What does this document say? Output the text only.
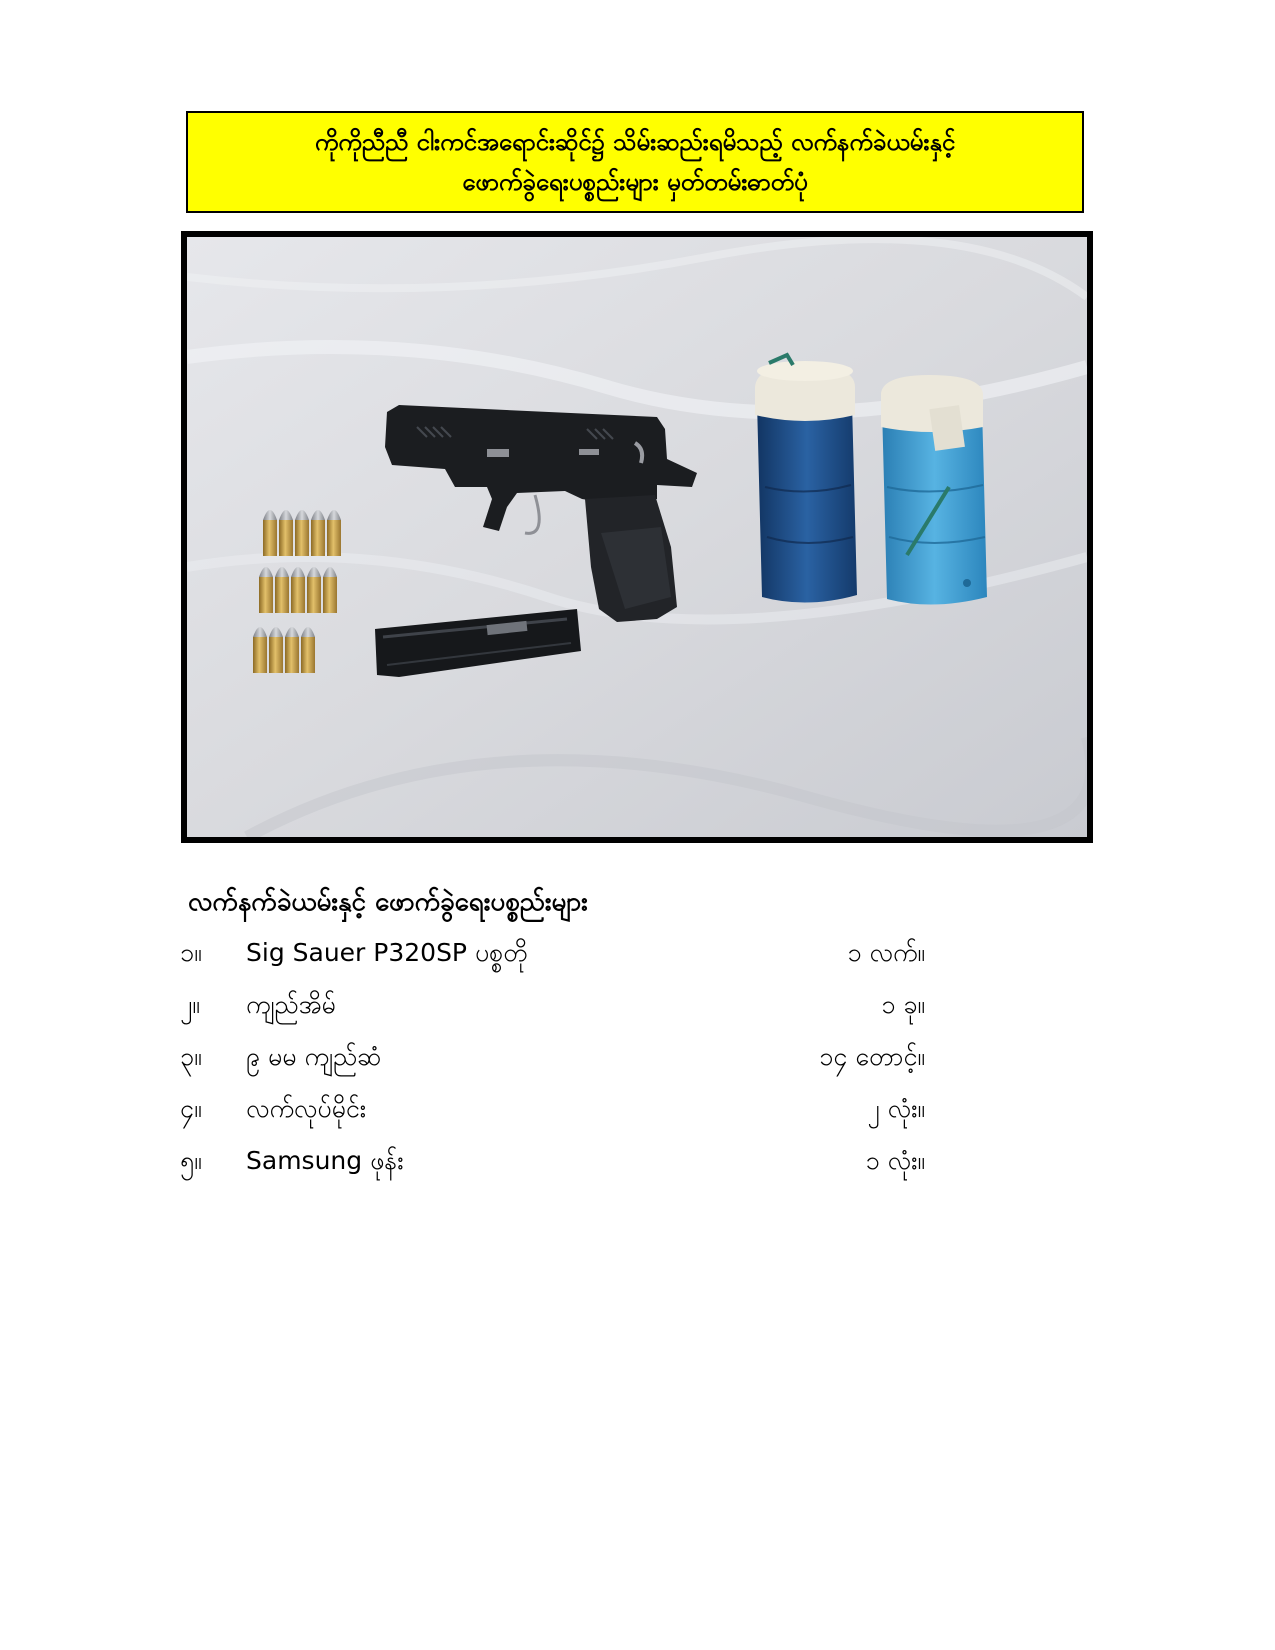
ကိုကိုညီညီ ငါးကင်အရောင်းဆိုင်၌ သိမ်းဆည်းရမိသည့် လက်နက်ခဲယမ်းနှင့်
ဖောက်ခွဲရေးပစ္စည်းများ မှတ်တမ်းဓာတ်ပုံ
လက်နက်ခဲယမ်းနှင့် ဖောက်ခွဲရေးပစ္စည်းများ
၁။	Sig Sauer P320SP ပစ္စတို	၁ လက်။
၂။	ကျည်အိမ်	၁ ခု။
၃။	၉ မမ ကျည်ဆံ	၁၄ တောင့်။
၄။	လက်လုပ်မိုင်း	၂ လုံး။
၅။	Samsung ဖုန်း	၁ လုံး။
